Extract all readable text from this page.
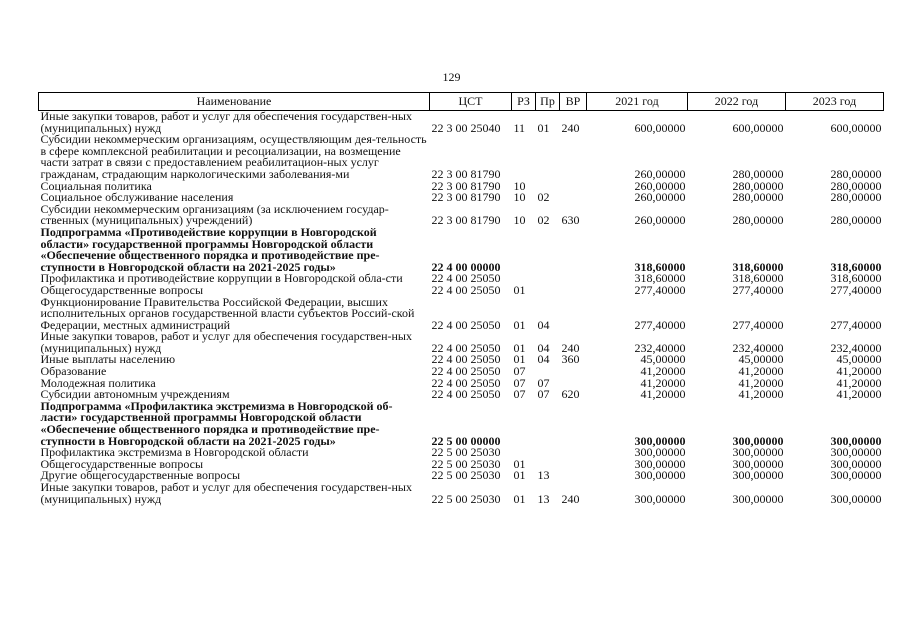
129
Наименование	ЦСТ	РЗ	Пр	ВР	2021 год	2022 год	2023 год
Иные закупки товаров, работ и услуг для обеспечения государствен-ных (муниципальных) нужд	22 3 00 25040	11	01	240	600,00000	600,00000	600,00000
Субсидии некоммерческим организациям, осуществляющим дея-тельность в сфере комплексной реабилитации и ресоциализации, на возмещение части затрат в связи с предоставлением реабилитацион-ных услуг гражданам, страдающим наркологическими заболевания-ми	22 3 00 81790				260,00000	280,00000	280,00000
Социальная политика	22 3 00 81790	10			260,00000	280,00000	280,00000
Социальное обслуживание населения	22 3 00 81790	10	02		260,00000	280,00000	280,00000
Субсидии некоммерческим организациям (за исключением государ-ственных (муниципальных) учреждений)	22 3 00 81790	10	02	630	260,00000	280,00000	280,00000
Подпрограмма «Противодействие коррупции в Новгородской области» государственной программы Новгородской области «Обеспечение общественного порядка и противодействие пре-ступности в Новгородской области на 2021-2025 годы»	22 4 00 00000				318,60000	318,60000	318,60000
Профилактика и противодействие коррупции в Новгородской обла-сти	22 4 00 25050				318,60000	318,60000	318,60000
Общегосударственные вопросы	22 4 00 25050	01			277,40000	277,40000	277,40000
Функционирование Правительства Российской Федерации, высших исполнительных органов государственной власти субъектов Россий-ской Федерации, местных администраций	22 4 00 25050	01	04		277,40000	277,40000	277,40000
Иные закупки товаров, работ и услуг для обеспечения государствен-ных (муниципальных) нужд	22 4 00 25050	01	04	240	232,40000	232,40000	232,40000
Иные выплаты населению	22 4 00 25050	01	04	360	45,00000	45,00000	45,00000
Образование	22 4 00 25050	07			41,20000	41,20000	41,20000
Молодежная политика	22 4 00 25050	07	07		41,20000	41,20000	41,20000
Субсидии автономным учреждениям	22 4 00 25050	07	07	620	41,20000	41,20000	41,20000
Подпрограмма «Профилактика экстремизма в Новгородской об-ласти» государственной программы Новгородской области «Обеспечение общественного порядка и противодействие пре-ступности в Новгородской области на 2021-2025 годы»	22 5 00 00000				300,00000	300,00000	300,00000
Профилактика экстремизма в Новгородской области	22 5 00 25030				300,00000	300,00000	300,00000
Общегосударственные вопросы	22 5 00 25030	01			300,00000	300,00000	300,00000
Другие общегосударственные вопросы	22 5 00 25030	01	13		300,00000	300,00000	300,00000
Иные закупки товаров, работ и услуг для обеспечения государствен-ных (муниципальных) нужд	22 5 00 25030	01	13	240	300,00000	300,00000	300,00000
